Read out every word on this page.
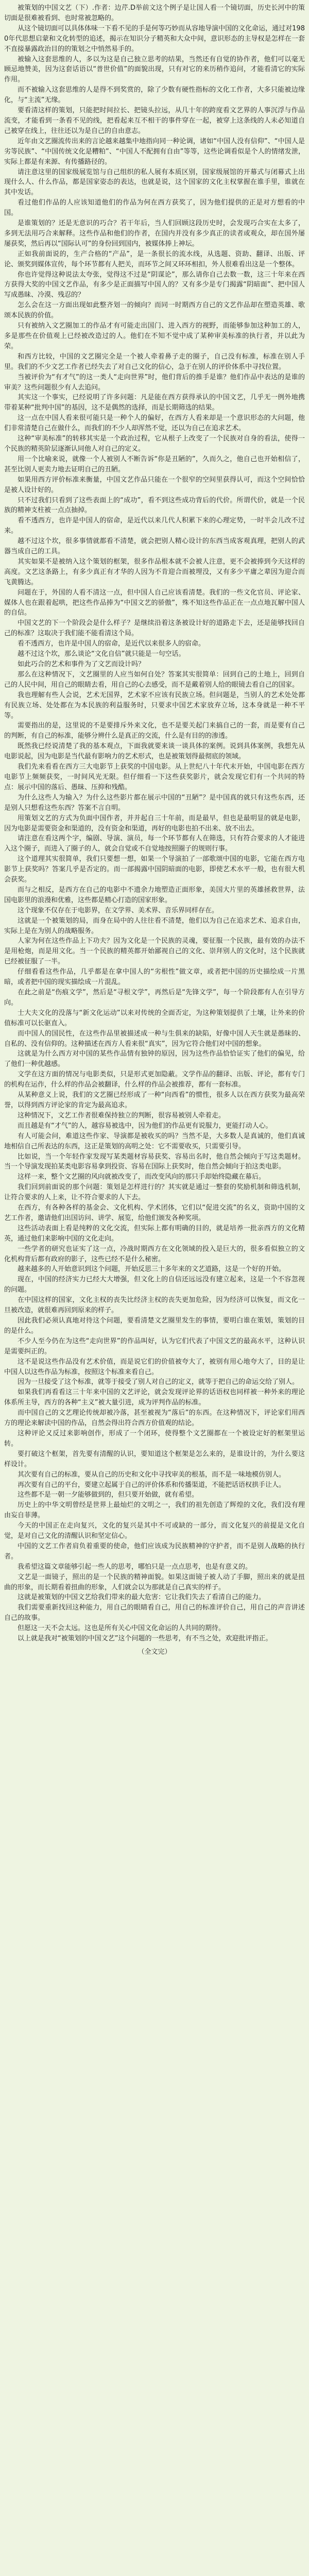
被策划的中国文艺（下）.作者：边芹.D举前文这个例子是让国人看一个镜切面，历史长河中的策切面是很难被看到、也时常被忽略的。

从这个镜切面可以具体体味一下看不见的手是何等巧妙而从容地导演中国的文化命运，通过对1980年代思想启蒙和文化转型的追述，揭示在知识分子精英和大众中间，意识形态的主导权是怎样在一套不直接暴露政治目的的策划之中悄然易手的。

被输入这套思维的人，多以为这是自己独立思考的结果，当然还有自觉的协作者，他们可以毫无顾忌地赞美，因为这套话语以“普世价值”的面貌出现，只有对它的来历稍作追问，才能看清它的实际作用。

而不被输入这套思维的人是得不到奖赏的，除了少数有硬性指标的文化工作者，大多只能被边缘化，与“主流”无缘。

要看清这样的策划，只能把时间拉长、把镜头拉远，从几十年的跨度看文艺界的人事沉浮与作品流变，才能看到一条看不见的线，把看起来互不相干的事件穿在一起，被穿上这条线的人未必知道自己被穿在线上，往往还以为是自己的自由意志。

近年由文艺圈流传出来的言论越来越集中地指向同一种论调，诸如“中国人没有信仰”、“中国人是劣等民族”、“中国传统文化是糟粕”、“中国人不配拥有自由”等等，这些论调看似是个人的情绪发泄，实际上都是有来源、有传播路径的。

请注意这里的国家级展览馆与自己组织的私人展有本质区别，国家级展馆的开幕式与闭幕式上出现什么人、什么作品，都是国家姿态的表达，也就是说，这个国家的文化主权掌握在谁手里，谁就在其中发话。

看过他们作品的人应该知道他们的作品为何在西方获奖了，因为他们提供的正是对方想看的中国。

是谁策划的？还是无意识的巧合？若干年后，当人们回顾这段历史时，会发现巧合实在太多了，多到无法用巧合来解释。这些作品和他们的作者，在国内并没有多少真正的读者或观众，却在国外屡屡获奖，然后再以“国际认可”的身份回到国内，被媒体捧上神坛。

正如我前面说的，生产合格的“产品”，是一条很长的流水线，从选题、资助、翻译、出版、评论、颁奖到媒体宣传，每个环节都有人把关，而环节之间又环环相扣，外人很难看出这是一个整体。

你也许觉得这种说法太夸张，觉得这不过是“阴谋论”，那么请你自己去数一数，这三十年来在西方获得大奖的中国文艺作品，有多少是正面描写中国人的？又有多少是专门揭露“阴暗面”、把中国人写成愚昧、冷漠、残忍的？

怎么会在这一方面出现如此整齐划一的倾向？而同一时期西方自己的文艺作品却在塑造英雄、歌颂本民族的价值。

只有被纳入文艺圈加工的作品才有可能走出国门、进入西方的视野，而能够参加这种加工的人，多是那些在价值观上已经被改造过的人。他们在不知不觉中成了某种审美标准的执行者，并以此为荣。

和西方比较，中国的文艺圈完全是一个被人牵着鼻子走的圈子，自己没有标准，标准在别人手里。我们的不少文艺工作者已经失去了对自己文化的信心，急于在别人的评价体系中寻找位置。

当被评价为“有才气”的这一类人“走向世界”时，他们背后的推手是谁？他们作品中表达的是谁的审美？这些问题很少有人去追问。

其实这一个事实，已经说明了许多问题：凡是能在西方获得承认的中国文艺，几乎无一例外地携带着某种“批判中国”的基因，这不是偶然的选择，而是长期筛选的结果。

这一点在中国人看来很可能只是一种个人的偏好，在西方人看来却是一个意识形态的大问题，他们非常清楚自己在做什么，而我们的不少人却浑然不觉，还以为自己在追求艺术。

这种“审美标准”的转移其实是一个政治过程，它从根子上改变了一个民族对自身的看法，使得一个民族的精英阶层逐渐认同他人对自己的定义。

用一个比喻来说，就像一个人被别人不断告诉“你是丑陋的”，久而久之，他自己也开始相信了，甚至比别人更卖力地去证明自己的丑陋。

如果用西方评价标准来衡量，中国文艺作品只能在一个很窄的空间里获得认可，而这个空间恰恰是被人设计好的。

只不过我们只看到了这些表面上的“成功”，看不到这些成功背后的代价。所谓代价，就是一个民族的精神支柱被一点点抽掉。

看不透西方，也许是中国人的宿命，是近代以来几代人积累下来的心理定势，一时半会儿改不过来。

越不过这个坎，很多事情就都看不清楚，就会把别人精心设计的东西当成客观真理，把别人的武器当成自己的工具。

其实如果不是被纳入这个策划的框架，很多作品根本就不会被人注意，更不会被捧到今天这样的高度。文艺这条路上，有多少真正有才华的人因为不肯迎合而被埋没，又有多少平庸之辈因为迎合而飞黄腾达。

问题在于，外国的人看不清这一点，但中国人自己应该看清楚。我们的一些文化官员、评论家、媒体人也在跟着起哄，把这些作品捧为“中国文艺的骄傲”，殊不知这些作品正在一点点地瓦解中国人的自信。

中国文艺的下一个阶段会是什么样子？是继续沿着这条被设计好的道路走下去，还是能够找回自己的标准？这取决于我们能不能看清这个局。

看不透西方，也许是中国人的宿命，是近代以来很多人的宿命。

越不过这个坎，那么谈论“文化自信”就只能是一句空话。

如此巧合的艺术和事件为了文艺而设计吗？

那么在这种情况下，文艺圈里的人应当如何自处？答案其实很简单：回到自己的土地上，回到自己的人民中间，用自己的眼睛去看，用自己的心去感受，而不是戴着别人给的眼镜去看自己的国家。

我也理解有些人会说，艺术无国界，艺术家不应该有民族立场。但问题是，当别人的艺术处处都有民族立场、处处都在为本民族的利益服务时，只要求中国艺术家放弃立场，这本身就是一种不平等。

需要指出的是，这里说的不是要排斥外来文化，也不是要关起门来搞自己的一套，而是要有自己的判断，有自己的标准，能够分辨什么是真正的交流，什么是有目的的渗透。

既然我已经说清楚了我的基本观点，下面我就要来谈一谈具体的案例。说到具体案例，我想先从电影说起，因为电影是当代最有影响力的艺术形式，也是被策划得最彻底的领域。

我们先来看看在西方三大电影节上获奖的中国电影。从上世纪八十年代末开始，中国电影在西方电影节上频频获奖，一时间风光无限。但仔细看一下这些获奖影片，就会发现它们有一个共同的特点：展示中国的落后、愚昧、压抑和残酷。

为什么这些人为输入？为什么这些影片都在展示中国的“丑陋”？是中国真的就只有这些东西，还是别人只想看这些东西？答案不言自明。

用策划文艺的方式为负面中国作者，并并起自三十年前，而是最早，但也是最明显的就是电影，因为电影是需要资金和渠道的，没有资金和渠道，再好的电影也拍不出来、放不出去。

请注意在看这两个字，编剧、导演、演员，每一个环节都有人在筛选，只有符合要求的人才能进入这个圈子，而进入了圈子的人，就会自觉或不自觉地按照圈子的规则行事。

这个道理其实很简单，我们只要想一想，如果一个导演拍了一部歌颂中国的电影，它能在西方电影节上获奖吗？答案几乎是否定的。而一部揭露中国阴暗面的电影，即使艺术水平一般，也有很大机会获奖。

而与之相反，是西方在自己的电影中不遗余力地塑造正面形象，美国大片里的英雄拯救世界，法国电影里的浪漫和优雅，这些都是精心打造的国家形象。

这个现象不仅存在于电影界，在文学界、美术界、音乐界同样存在。

这就是一个被策划的局，而身在局中的人往往看不清楚，他们以为自己在追求艺术、追求自由，实际上是在为别人的战略服务。

人家为何在这些作品上下功夫？因为文化是一个民族的灵魂，要征服一个民族，最有效的办法不是用枪炮，而是用文化。当一个民族的精英都开始鄙视自己的文化、崇拜别人的文化时，这个民族就已经被征服了一半。

仔细看看这些作品，几乎都是在拿中国人的“劣根性”做文章，或者把中国的历史描绘成一片黑暗，或者把中国的现实描绘成一片混乱。

在此之前是“伤痕文学”，然后是“寻根文学”，再然后是“先锋文学”，每一个阶段都有人在引导方向。

士大夫文化的没落与“新文化运动”以来对传统的全面否定，为这种策划提供了土壤，让外来的价值标准可以长驱直入。

而中国人的国民性，在这些作品里被描述成一种与生俱来的缺陷，好像中国人天生就是愚昧的、自私的、没有信仰的。这种描述在西方人看来很“真实”，因为它符合他们对中国的想象。

这就是为什么西方对中国的某些作品情有独钟的原因，因为这些作品恰恰证实了他们的偏见，给了他们一种优越感。

文学在这方面的情况与电影类似，只是形式更加隐蔽。文学作品的翻译、出版、评论，都有专门的机构在运作，什么样的作品会被翻译，什么样的作品会被推荐，都有一套标准。

从某种意义上说，我们的文艺圈已经形成了一种“向西看”的惯性，很多人以在西方获奖为最高荣誉，以得到西方评论家的肯定为最高追求。

这种情况下，文艺工作者很难保持独立的判断，很容易被别人牵着走。

而且越是有“才气”的人，越容易被选中，因为他们的作品更有说服力，更能打动人心。

有人可能会问，难道这些作家、导演都是被收买的吗？当然不是，大多数人是真诚的，他们真诚地相信自己所表达的东西，这正是策划的高明之处：它不需要收买，只需要引导。

比如说，当一个年轻作家发现写某类题材容易获奖、容易出名时，他自然会倾向于写这类题材。当一个导演发现拍某类电影容易拿到投资、容易在国际上获奖时，他自然会倾向于拍这类电影。

这样一来，整个文艺圈的风向就被改变了，而改变风向的那只手却始终隐藏在幕后。

我们回到前面说的那个问题：策划是怎样进行的？其实就是通过一整套的奖励机制和筛选机制，让符合要求的人上来，让不符合要求的人下去。

在西方，有各种各样的基金会、文化机构、学术团体，它们以“促进交流”的名义，资助中国的文艺工作者，邀请他们出国访问、讲学、展览，给他们颁发各种奖项。

这些活动表面上看是纯粹的文化交流，但实际上都有明确的目的，就是培养一批亲西方的文化精英，通过他们来影响中国的文化走向。

一些学者的研究也证实了这一点，冷战时期西方在文化领域的投入是巨大的，很多看似独立的文化机构背后都有政府的影子，这些已经不是什么秘密。

越来越多的人开始意识到这个问题，开始反思三十多年来的文艺道路，这是一个好的开始。

现在，中国的经济实力已经大大增强，但文化上的自信还远远没有建立起来，这是一个不容忽视的问题。

在中国这样的国家，文化主权的丧失比经济主权的丧失更加危险，因为经济可以恢复，而文化一旦被改造，就很难再回到原来的样子。

因此我们必须认真地对待这个问题，要看清楚文艺圈里发生的事情，要明白谁在策划，策划的目的是什么。

不少人至今仍在为这些“走向世界”的作品叫好，认为它们代表了中国文艺的最高水平，这种认识是需要纠正的。

这不是说这些作品没有艺术价值，而是说它们的价值被夸大了，被别有用心地夸大了，目的是让中国人以这些作品为标准，按照这个标准来看自己。

因为一旦接受了这个标准，就等于接受了别人对自己的定义，就等于把自己的命运交给了别人。

如果我们再看看这三十年来中国的文艺评论，就会发现评论界的话语权也同样被一种外来的理论体系所主导，西方的各种“主义”被大量引进，成为评判作品的标准。

而中国自己的文艺理论传统却被冷落，甚至被视为“落后”的东西。在这种情况下，评论家们用西方的理论来解读中国的作品，自然会得出符合西方价值观的结论。

这种评论又反过来影响创作，形成了一个闭环，使得整个文艺圈都在一个被设定好的框架里运转。

要打破这个框架，首先要有清醒的认识，要知道这个框架是怎么来的，是谁设计的，为什么要这样设计。

其次要有自己的标准，要从自己的历史和文化中寻找审美的根基，而不是一味地模仿别人。

再次要有自己的平台，要建立起属于自己的评价体系和传播渠道，不能把话语权拱手让人。

这些都不是一朝一夕能够做到的，但只要开始做，就有希望。

历史上的中华文明曾经是世界上最灿烂的文明之一，我们的祖先创造了辉煌的文化，我们没有理由妄自菲薄。

今天的中国正在走向复兴，文化的复兴是其中不可或缺的一部分，而文化复兴的前提是文化自觉，是对自己文化的清醒认识和坚定信心。

中国的文艺工作者肩负着重要的使命，他们应该成为民族精神的守护者，而不是别人战略的执行者。

我希望这篇文章能够引起一些人的思考，哪怕只是一点点思考，也是有意义的。

文艺是一面镜子，照出的是一个民族的精神面貌。如果这面镜子被人动了手脚，照出来的就是扭曲的形象，而长期看着扭曲的形象，人们就会以为那就是自己真实的样子。

这就是被策划的中国文艺给我们带来的最大危害：它让我们失去了看清自己的能力。

我们需要重新找回这种能力，用自己的眼睛看自己，用自己的标准评价自己，用自己的声音讲述自己的故事。

但愿这一天不会太远。这也是所有关心中国文化命运的人共同的期待。

以上就是我对“被策划的中国文艺”这个问题的一些思考，有不当之处，欢迎批评指正。

（全文完）
